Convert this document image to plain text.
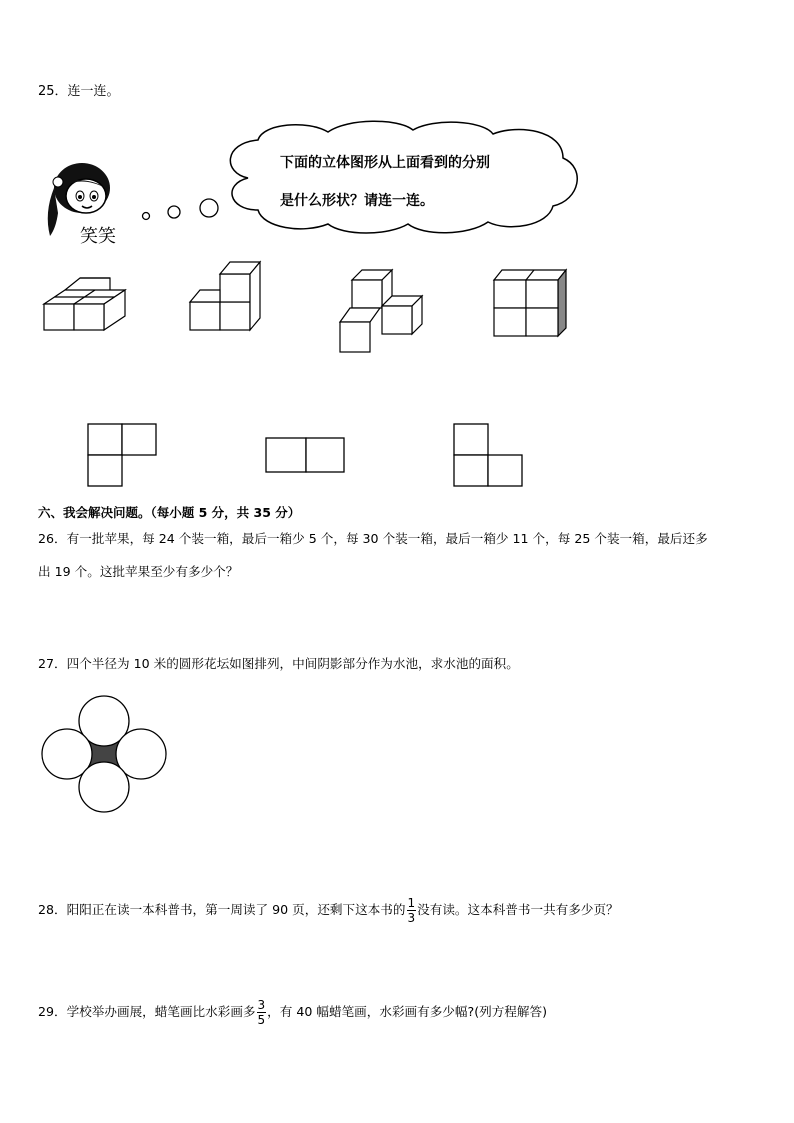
25．连一连。
笑笑
下面的立体图形从上面看到的分别
是什么形状？请连一连。
六、我会解决问题。（每小题 5 分，共 35 分）
26．有一批苹果，每 24 个装一箱，最后一箱少 5 个，每 30 个装一箱，最后一箱少 11 个，每 25 个装一箱，最后还多
出 19 个。这批苹果至少有多少个？
27．四个半径为 10 米的圆形花坛如图排列，中间阴影部分作为水池，求水池的面积。
28．阳阳正在读一本科普书，第一周读了 90 页，还剩下这本书的 $\frac{1}{3}$ 没有读。这本科普书一共有多少页？
29．学校举办画展，蜡笔画比水彩画多 $\frac{3}{5}$ ，有 40 幅蜡笔画，水彩画有多少幅?(列方程解答)
